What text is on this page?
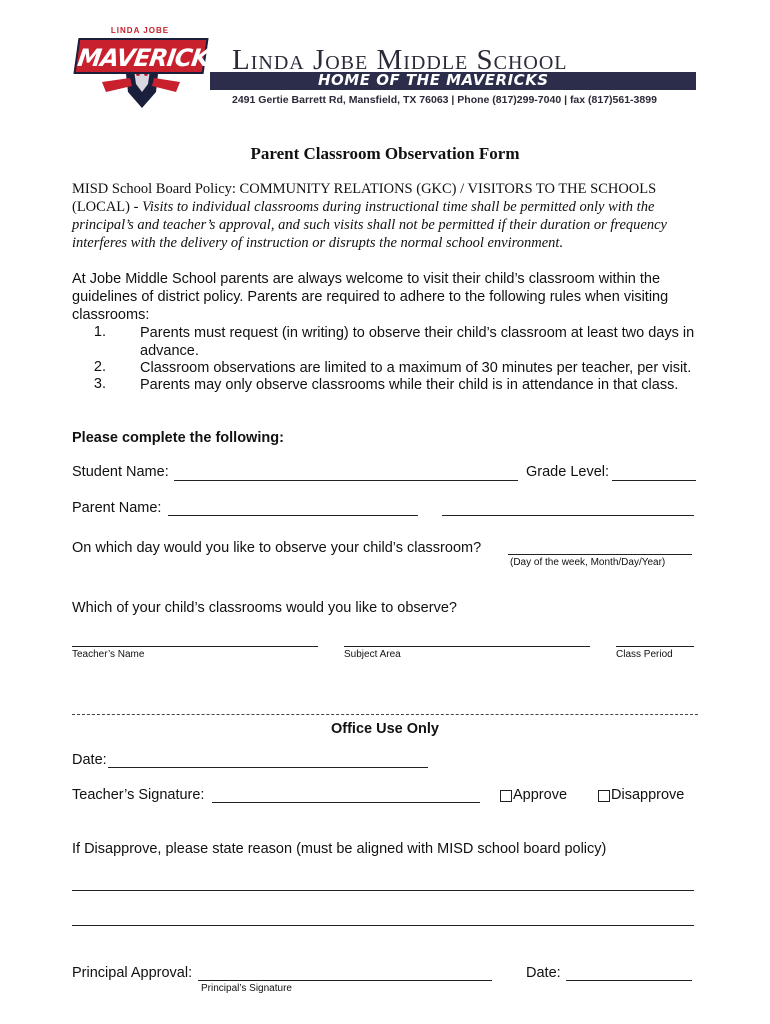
LINDA JOBE
MAVERICKS Linda Jobe Middle School
HOME OF THE MAVERICKS
2491 Gertie Barrett Rd, Mansfield, TX 76063 | Phone (817)299-7040 | fax (817)561-3899
Parent Classroom Observation Form
MISD School Board Policy: COMMUNITY RELATIONS (GKC) / VISITORS TO THE SCHOOLS (LOCAL) - Visits to individual classrooms during instructional time shall be permitted only with the principal’s and teacher’s approval, and such visits shall not be permitted if their duration or frequency interferes with the delivery of instruction or disrupts the normal school environment.
At Jobe Middle School parents are always welcome to visit their child’s classroom within the guidelines of district policy. Parents are required to adhere to the following rules when visiting classrooms:
1. Parents must request (in writing) to observe their child’s classroom at least two days in advance.
2. Classroom observations are limited to a maximum of 30 minutes per teacher, per visit.
3. Parents may only observe classrooms while their child is in attendance in that class.
Please complete the following:
Student Name:	Grade Level:
Parent Name:
On which day would you like to observe your child’s classroom?
(Day of the week, Month/Day/Year)
Which of your child’s classrooms would you like to observe?
Teacher’s Name	Subject Area	Class Period
Office Use Only
Date:
Teacher’s Signature:	Approve	Disapprove
If Disapprove, please state reason (must be aligned with MISD school board policy)
Principal Approval:
Principal’s Signature
Date:
